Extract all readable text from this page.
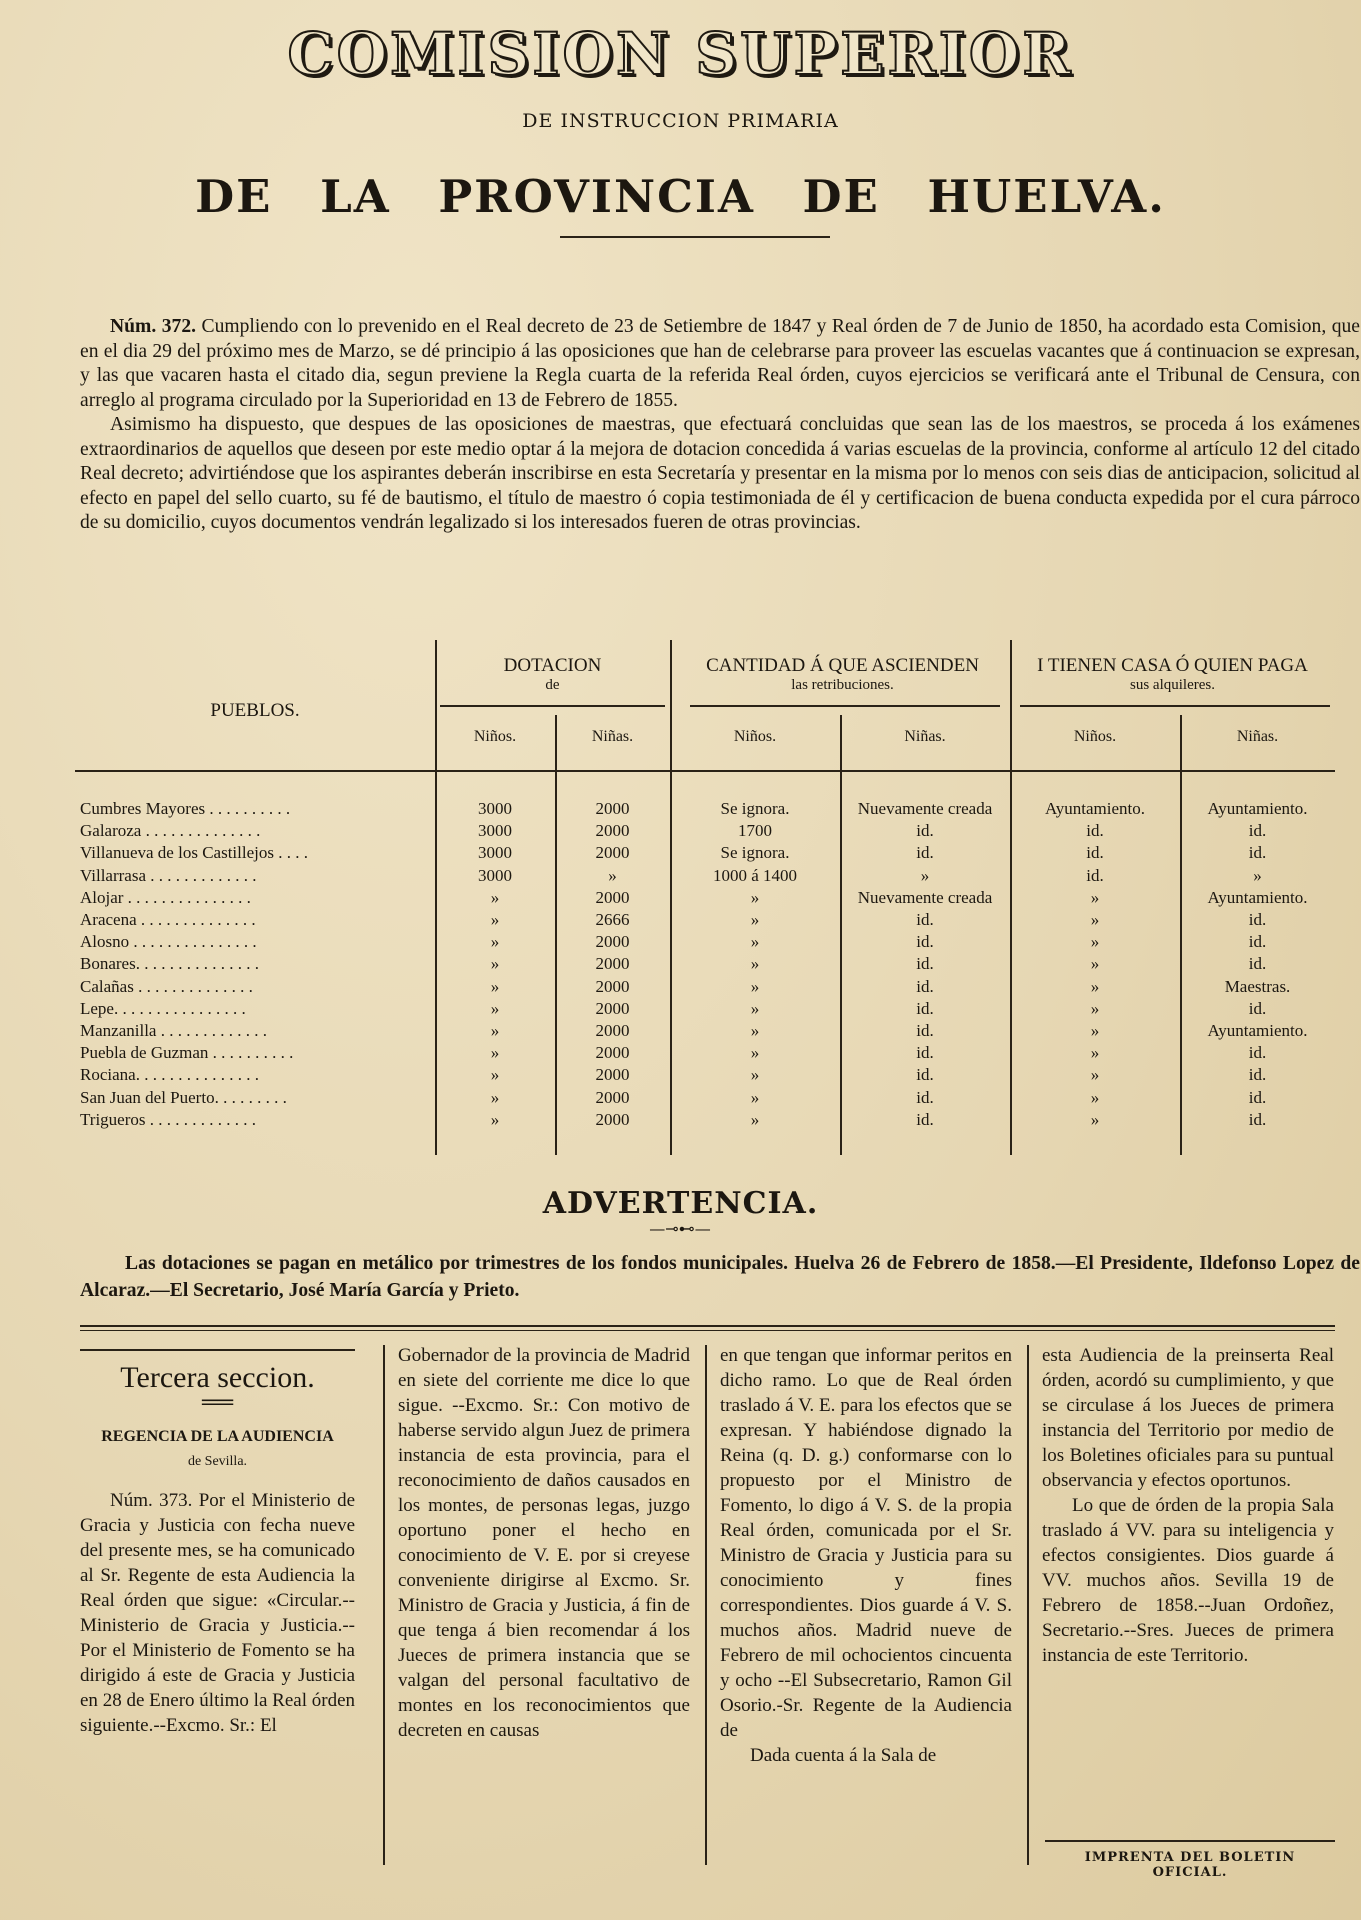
COMISION SUPERIOR
DE INSTRUCCION PRIMARIA
DE LA PROVINCIA DE HUELVA.

Núm. 372. Cumpliendo con lo prevenido en el Real decreto de 23 de Setiembre de 1847 y Real órden de 7 de Junio de 1850, ha acordado esta Comision, que en el dia 29 del próximo mes de Marzo, se dé principio á las oposiciones que han de celebrarse para proveer las escuelas vacantes que á continuacion se expresan, y las que vacaren hasta el citado dia, segun previene la Regla cuarta de la referida Real órden, cuyos ejercicios se verificará ante el Tribunal de Censura, con arreglo al programa circulado por la Superioridad en 13 de Febrero de 1855.

Asimismo ha dispuesto, que despues de las oposiciones de maestras, que efectuará concluidas que sean las de los maestros, se proceda á los exámenes extraordinarios de aquellos que deseen por este medio optar á la mejora de dotacion concedida á varias escuelas de la provincia, conforme al artículo 12 del citado Real decreto; advirtiéndose que los aspirantes deberán inscribirse en esta Secretaría y presentar en la misma por lo menos con seis dias de anticipacion, solicitud al efecto en papel del sello cuarto, su fé de bautismo, el título de maestro ó copia testimoniada de él y certificacion de buena conducta expedida por el cura párroco de su domicilio, cuyos documentos vendrán legalizado si los interesados fueren de otras provincias.

PUEBLOS.
DOTACION
de
CANTIDAD Á QUE ASCIENDEN
las retribuciones.
I TIENEN CASA Ó QUIEN PAGA
sus alquileres.
Niños.	Niñas.	Niños.	Niñas.	Niños.	Niñas.
Cumbres Mayores . . . . . . . . . .	3000	2000	Se ignora.	Nuevamente creada	Ayuntamiento.	Ayuntamiento.
Galaroza . . . . . . . . . . . . . .	3000	2000	1700	id.	id.	id.
Villanueva de los Castillejos . . . .	3000	2000	Se ignora.	id.	id.	id.
Villarrasa . . . . . . . . . . . . .	3000	»	1000 á 1400	»	id.	»
Alojar . . . . . . . . . . . . . . .	»	2000	»	Nuevamente creada	»	Ayuntamiento.
Aracena . . . . . . . . . . . . . .	»	2666	»	id.	»	id.
Alosno . . . . . . . . . . . . . . .	»	2000	»	id.	»	id.
Bonares. . . . . . . . . . . . . . .	»	2000	»	id.	»	id.
Calañas . . . . . . . . . . . . . .	»	2000	»	id.	»	Maestras.
Lepe. . . . . . . . . . . . . . . .	»	2000	»	id.	»	id.
Manzanilla . . . . . . . . . . . . .	»	2000	»	id.	»	Ayuntamiento.
Puebla de Guzman . . . . . . . . . .	»	2000	»	id.	»	id.
Rociana. . . . . . . . . . . . . . .	»	2000	»	id.	»	id.
San Juan del Puerto. . . . . . . . .	»	2000	»	id.	»	id.
Trigueros . . . . . . . . . . . . .	»	2000	»	id.	»	id.
ADVERTENCIA.
—⊸⊷—
Las dotaciones se pagan en metálico por trimestres de los fondos municipales. Huelva 26 de Febrero de 1858.—El Presidente, Ildefonso Lopez de Alcaraz.—El Secretario, José María García y Prieto.
Tercera seccion.
══
REGENCIA DE LA AUDIENCIA
de Sevilla.

Núm. 373. Por el Ministerio de Gracia y Justicia con fecha nueve del presente mes, se ha comunicado al Sr. Regente de esta Audiencia la Real órden que sigue: «Circular.--Ministerio de Gracia y Justicia.--Por el Ministerio de Fomento se ha dirigido á este de Gracia y Justicia en 28 de Enero último la Real órden siguiente.--Excmo. Sr.: El

Gobernador de la provincia de Madrid en siete del corriente me dice lo que sigue. --Excmo. Sr.: Con motivo de haberse servido algun Juez de primera instancia de esta provincia, para el reconocimiento de daños causados en los montes, de personas legas, juzgo oportuno poner el hecho en conocimiento de V. E. por si creyese conveniente dirigirse al Excmo. Sr. Ministro de Gracia y Justicia, á fin de que tenga á bien recomendar á los Jueces de primera instancia que se valgan del personal facultativo de montes en los reconocimientos que decreten en causas

en que tengan que informar peritos en dicho ramo. Lo que de Real órden traslado á V. E. para los efectos que se expresan. Y habiéndose dignado la Reina (q. D. g.) conformarse con lo propuesto por el Ministro de Fomento, lo digo á V. S. de la propia Real órden, comunicada por el Sr. Ministro de Gracia y Justicia para su conocimiento y fines correspondientes. Dios guarde á V. S. muchos años. Madrid nueve de Febrero de mil ochocientos cincuenta y ocho --El Subsecretario, Ramon Gil Osorio.-Sr. Regente de la Audiencia de

Dada cuenta á la Sala de

esta Audiencia de la preinserta Real órden, acordó su cumplimiento, y que se circulase á los Jueces de primera instancia del Territorio por medio de los Boletines oficiales para su puntual observancia y efectos oportunos.

Lo que de órden de la propia Sala traslado á VV. para su inteligencia y efectos consigientes. Dios guarde á VV. muchos años. Sevilla 19 de Febrero de 1858.--Juan Ordoñez, Secretario.--Sres. Jueces de primera instancia de este Territorio.

IMPRENTA DEL BOLETIN OFICIAL.
